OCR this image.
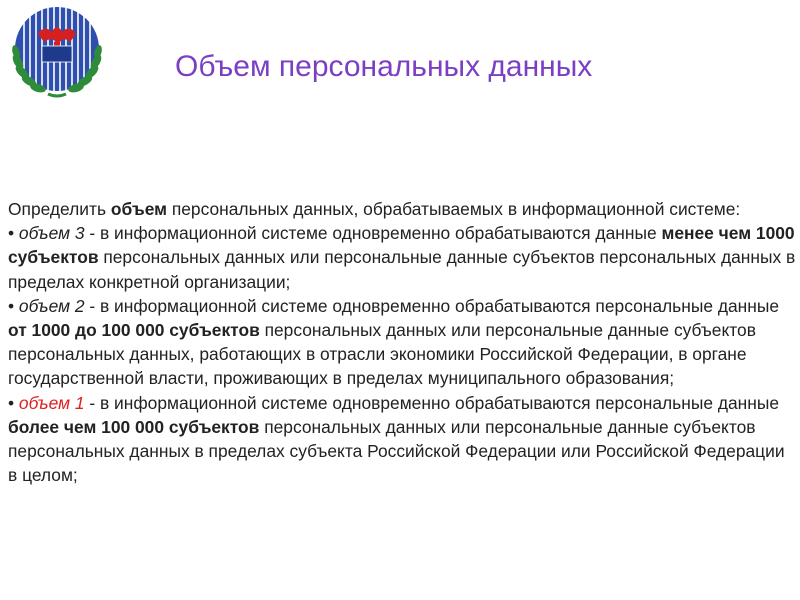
Объем персональных данных

Определить объем персональных данных, обрабатываемых в информационной системе:

• объем 3 - в информационной системе одновременно обрабатываются данные менее чем 1000 субъектов персональных данных или персональные данные субъектов персональных данных в пределах конкретной организации;

• объем 2 - в информационной системе одновременно обрабатываются персональные данные от 1000 до 100 000 субъектов персональных данных или персональные данные субъектов персональных данных, работающих в отрасли экономики Российской Федерации, в органе государственной власти, проживающих в пределах муниципального образования;

• объем 1 - в информационной системе одновременно обрабатываются персональные данные более чем 100 000 субъектов персональных данных или персональные данные субъектов персональных данных в пределах субъекта Российской Федерации или Российской Федерации в целом;
